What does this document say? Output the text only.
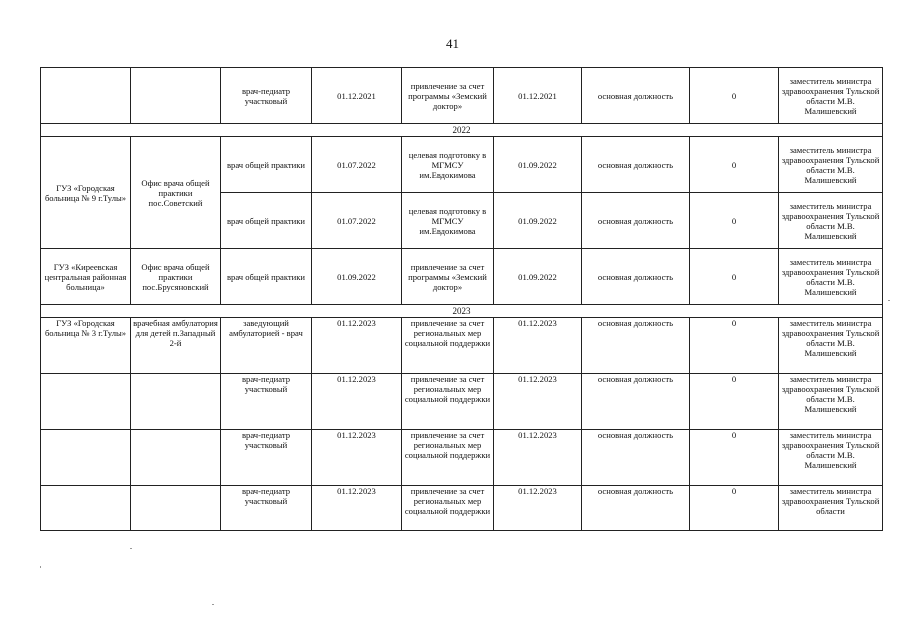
41
		врач-педиатр участковый	01.12.2021	привлечение за счет программы «Земский доктор»	01.12.2021	основная должность	0	заместитель министра здравоохранения Тульской области М.В. Малишевский
2022								
ГУЗ «Городская больница № 9 г.Тулы»	Офис врача общей практики пос.Советский	врач общей практики	01.07.2022	целевая подготовку в МГМСУ им.Евдокимова	01.09.2022	основная должность	0	заместитель министра здравоохранения Тульской области М.В. Малишевский
		врач общей практики	01.07.2022	целевая подготовку в МГМСУ им.Евдокимова	01.09.2022	основная должность	0	заместитель министра здравоохранения Тульской области М.В. Малишевский
ГУЗ «Киреевская центральная районная больница»	Офис врача общей практики пос.Брусяновский	врач общей практики	01.09.2022	привлечение за счет программы «Земский доктор»	01.09.2022	основная должность	0	заместитель министра здравоохранения Тульской области М.В. Малишевский
2023								
ГУЗ «Городская больница № 3 г.Тулы»	врачебная амбулатория для детей п.Западный 2-й	заведующий амбулаторией - врач	01.12.2023	привлечение за счет региональных мер социальной поддержки	01.12.2023	основная должность	0	заместитель министра здравоохранения Тульской области М.В. Малишевский
		врач-педиатр участковый	01.12.2023	привлечение за счет региональных мер социальной поддержки	01.12.2023	основная должность	0	заместитель министра здравоохранения Тульской области М.В. Малишевский
		врач-педиатр участковый	01.12.2023	привлечение за счет региональных мер социальной поддержки	01.12.2023	основная должность	0	заместитель министра здравоохранения Тульской области М.В. Малишевский
		врач-педиатр участковый	01.12.2023	привлечение за счет региональных мер социальной поддержки	01.12.2023	основная должность	0	заместитель министра здравоохранения Тульской области
